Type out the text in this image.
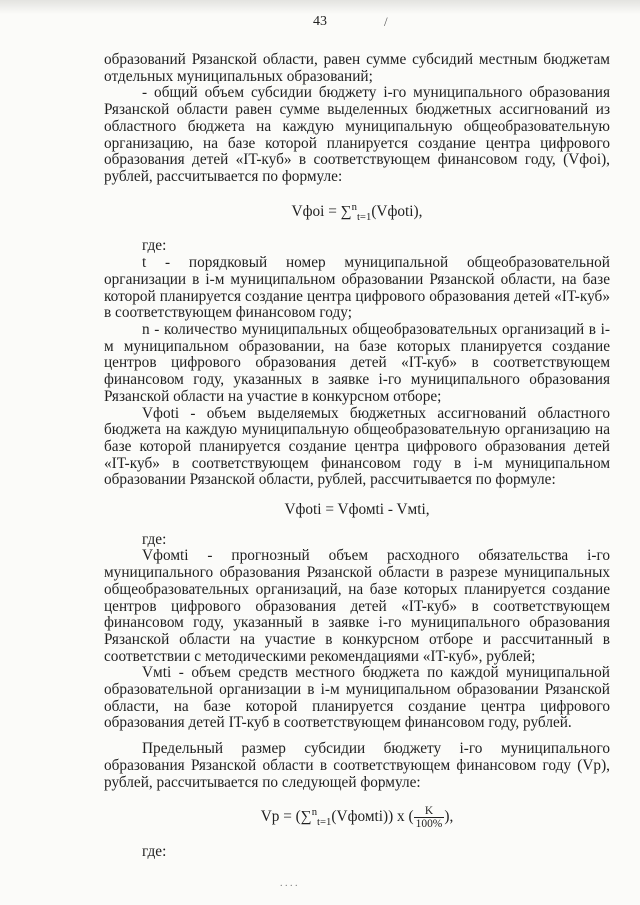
43	/

образований Рязанской области, равен сумме субсидий местным бюджетам отдельных муниципальных образований;

- общий объем субсидии бюджету i-го муниципального образования Рязанской области равен сумме выделенных бюджетных ассигнований из областного бюджета на каждую муниципальную общеобразовательную организацию, на базе которой планируется создание центра цифрового образования детей «IT-куб» в соответствующем финансовом году, (Vфоi), рублей, рассчитывается по формуле:

Vфоi = ∑$^n_{t=1}$(Vфоti),

где:

t - порядковый номер муниципальной общеобразовательной организации в i-м муниципальном образовании Рязанской области, на базе которой планируется создание центра цифрового образования детей «IT-куб» в соответствующем финансовом году;

n - количество муниципальных общеобразовательных организаций в i-м муниципальном образовании, на базе которых планируется создание центров цифрового образования детей «IT-куб» в соответствующем финансовом году, указанных в заявке i-го муниципального образования Рязанской области на участие в конкурсном отборе;

Vфоti - объем выделяемых бюджетных ассигнований областного бюджета на каждую муниципальную общеобразовательную организацию на базе которой планируется создание центра цифрового образования детей «IT-куб» в соответствующем финансовом году в i-м муниципальном образовании Рязанской области, рублей, рассчитывается по формуле:

Vфоti = Vфомti - Vмti,

где:

Vфомti - прогнозный объем расходного обязательства i-го муниципального образования Рязанской области в разрезе муниципальных общеобразовательных организаций, на базе которых планируется создание центров цифрового образования детей «IT-куб» в соответствующем финансовом году, указанный в заявке i-го муниципального образования Рязанской области на участие в конкурсном отборе и рассчитанный в соответствии с методическими рекомендациями «IT-куб», рублей;

Vмti - объем средств местного бюджета по каждой муниципальной образовательной организации в i-м муниципальном образовании Рязанской области, на базе которой планируется создание центра цифрового образования детей IT-куб в соответствующем финансовом году, рублей.

Предельный размер субсидии бюджету i-го муниципального образования Рязанской области в соответствующем финансовом году (Vр), рублей, рассчитывается по следующей формуле:

Vр = (∑$^n_{t=1}$(Vфомti)) x ( $\frac{K}{100\%}$ ),

где:

. . . .
